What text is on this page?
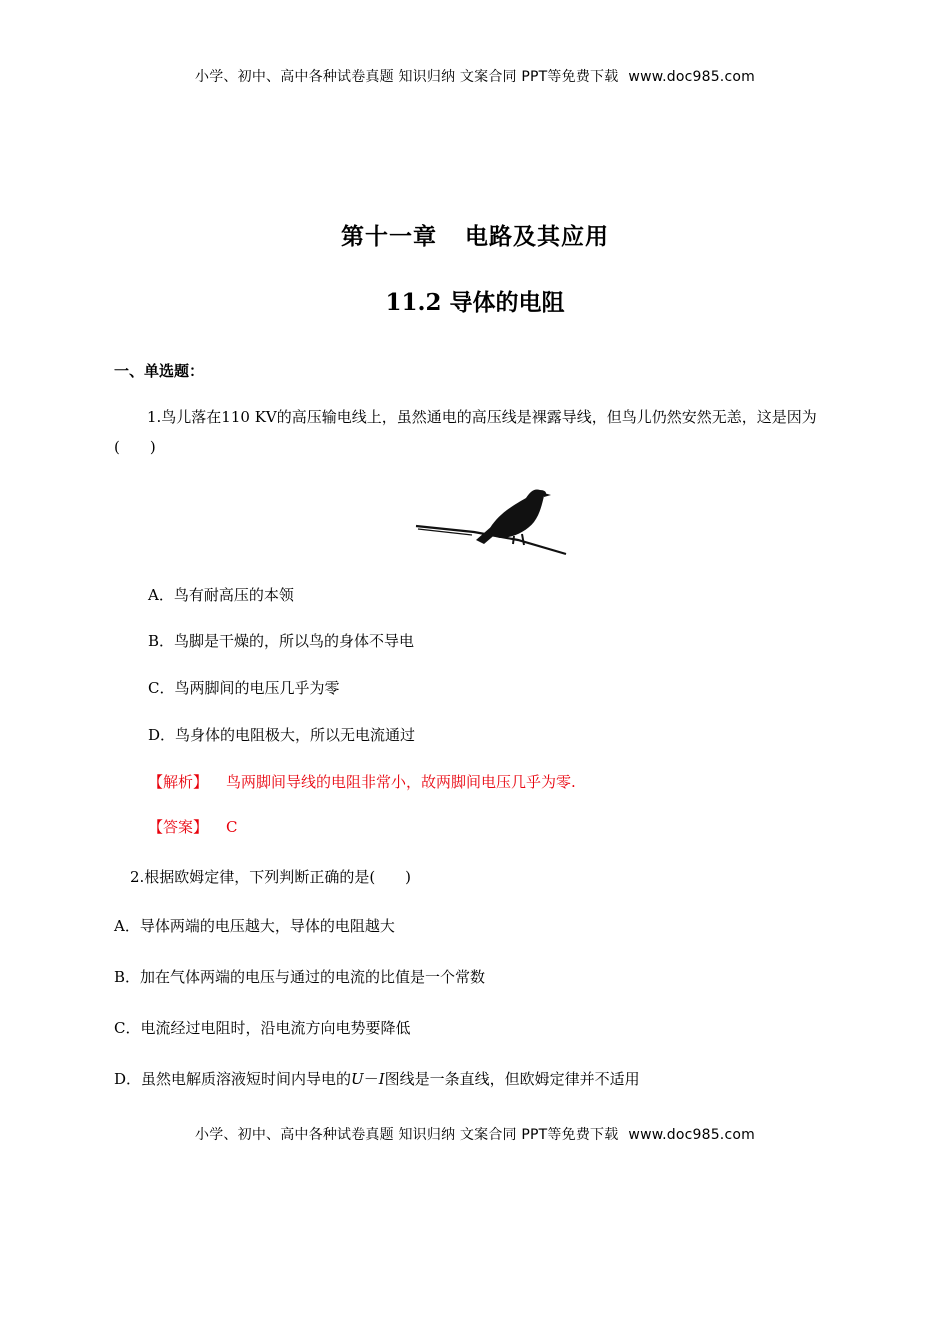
小学、初中、高中各种试卷真题 知识归纳 文案合同 PPT等免费下载 www.doc985.com
第十一章 电路及其应用
11.2 导体的电阻
一、单选题：
1.鸟儿落在110 KV的高压输电线上，虽然通电的高压线是裸露导线，但鸟儿仍然安然无恙，这是因为(　　)
A．鸟有耐高压的本领
B．鸟脚是干燥的，所以鸟的身体不导电
C．鸟两脚间的电压几乎为零
D．鸟身体的电阻极大，所以无电流通过
【解析】 鸟两脚间导线的电阻非常小，故两脚间电压几乎为零.
【答案】 C
2.根据欧姆定律，下列判断正确的是(　　)
A．导体两端的电压越大，导体的电阻越大
B．加在气体两端的电压与通过的电流的比值是一个常数
C．电流经过电阻时，沿电流方向电势要降低
D．虽然电解质溶液短时间内导电的U－I图线是一条直线，但欧姆定律并不适用
小学、初中、高中各种试卷真题 知识归纳 文案合同 PPT等免费下载 www.doc985.com
